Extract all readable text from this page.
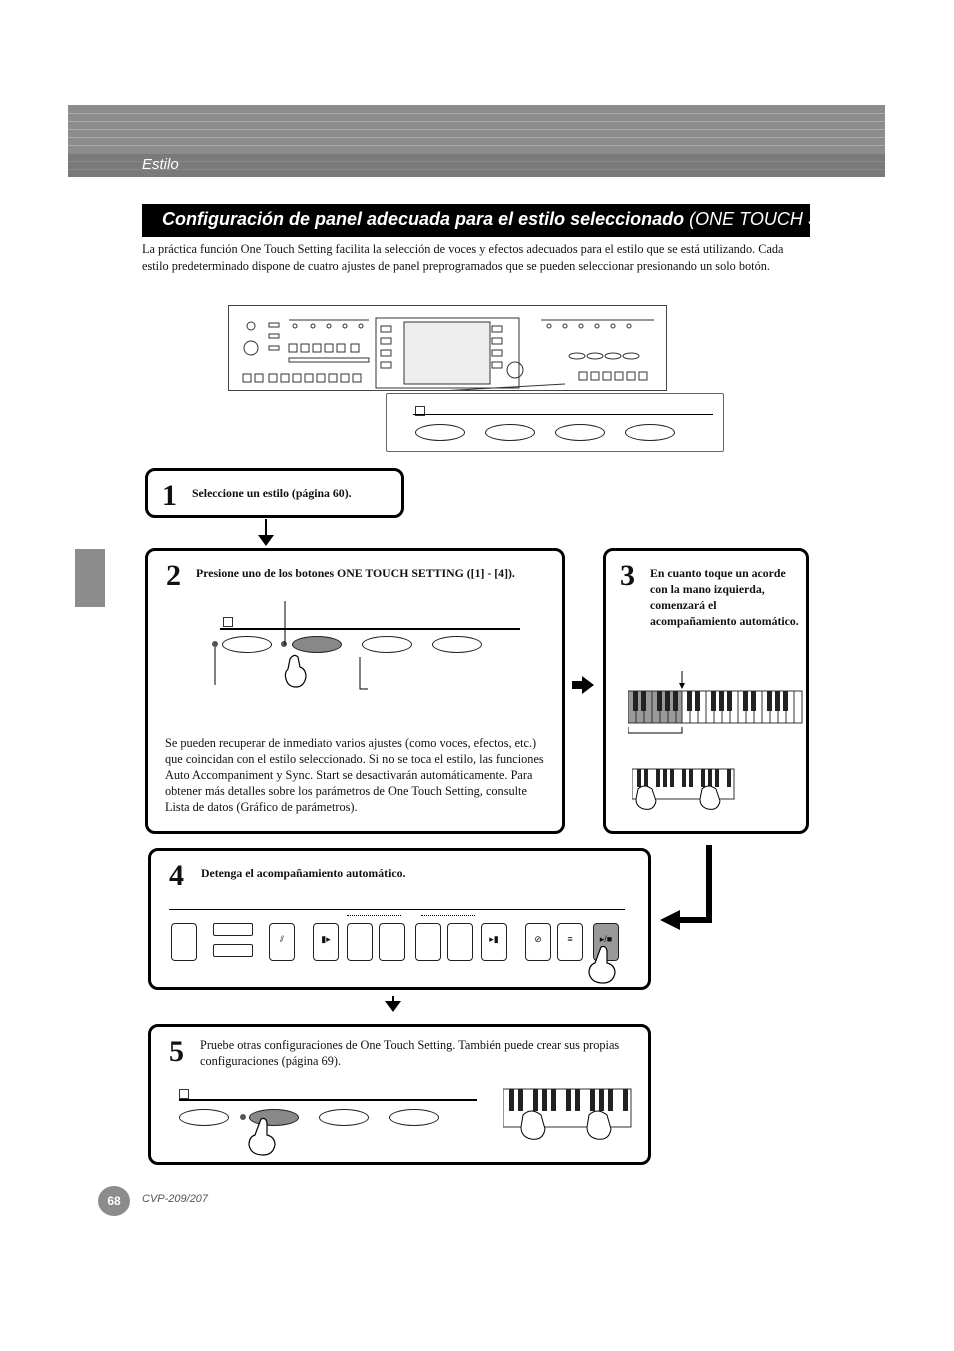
Estilo
Configuración de panel adecuada para el estilo seleccionado (ONE TOUCH SETTING)
La práctica función One Touch Setting facilita la selección de voces y efectos adecuados para el estilo que se está utilizando. Cada estilo predeterminado dispone de cuatro ajustes de panel preprogramados que se pueden seleccionar presionando un solo botón.
1 Seleccione un estilo (página 60).
2 Presione uno de los botones ONE TOUCH SETTING ([1] - [4]).
Se pueden recuperar de inmediato varios ajustes (como voces, efectos, etc.) que coincidan con el estilo seleccionado. Si no se toca el estilo, las funciones Auto Accompaniment y Sync. Start se desactivarán automáticamente. Para obtener más detalles sobre los parámetros de One Touch Setting, consulte Lista de datos (Gráfico de parámetros).
3 En cuanto toque un acorde con la mano izquierda, comenzará el acompañamiento automático.
4 Detenga el acompañamiento automático.
⫽	▮▸	▸▮	⊘	≡	▸/■
5 Pruebe otras configuraciones de One Touch Setting. También puede crear sus propias configuraciones (página 69).
68	CVP-209/207
